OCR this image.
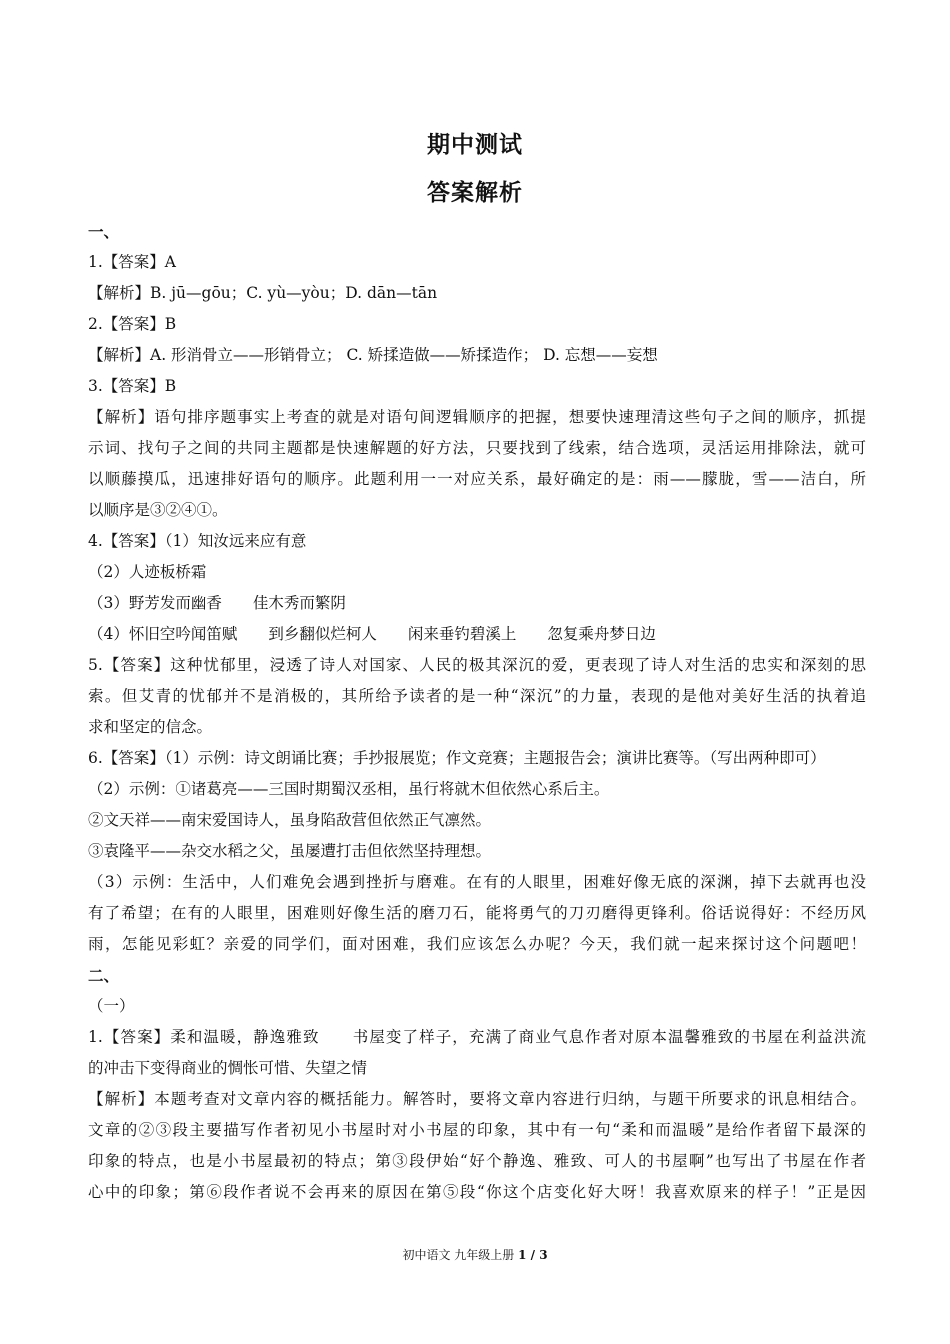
期中测试
答案解析
一、
1.【答案】A
【解析】B. jū—gōu；C. yù—yòu；D. dān—tān
2.【答案】B
【解析】A. 形消骨立——形销骨立； C. 矫揉造做——矫揉造作； D. 忘想——妄想
3.【答案】B
【解析】语句排序题事实上考查的就是对语句间逻辑顺序的把握，想要快速理清这些句子之间的顺序，抓提
示词、找句子之间的共同主题都是快速解题的好方法，只要找到了线索，结合选项，灵活运用排除法，就可
以顺藤摸瓜，迅速排好语句的顺序。此题利用一一对应关系，最好确定的是：雨——朦胧，雪——洁白，所
以顺序是③②④①。
4.【答案】（1）知汝远来应有意
（2）人迹板桥霜
（3）野芳发而幽香　　佳木秀而繁阴
（4）怀旧空吟闻笛赋　　到乡翻似烂柯人　　闲来垂钓碧溪上　　忽复乘舟梦日边
5.【答案】这种忧郁里，浸透了诗人对国家、人民的极其深沉的爱，更表现了诗人对生活的忠实和深刻的思
索。但艾青的忧郁并不是消极的，其所给予读者的是一种“深沉”的力量，表现的是他对美好生活的执着追
求和坚定的信念。
6.【答案】（1）示例：诗文朗诵比赛；手抄报展览；作文竞赛；主题报告会；演讲比赛等。（写出两种即可）
（2）示例：①诸葛亮——三国时期蜀汉丞相，虽行将就木但依然心系后主。
②文天祥——南宋爱国诗人，虽身陷敌营但依然正气凛然。
③袁隆平——杂交水稻之父，虽屡遭打击但依然坚持理想。
（3）示例：生活中，人们难免会遇到挫折与磨难。在有的人眼里，困难好像无底的深渊，掉下去就再也没
有了希望；在有的人眼里，困难则好像生活的磨刀石，能将勇气的刀刃磨得更锋利。俗话说得好：不经历风
雨，怎能见彩虹？亲爱的同学们，面对困难，我们应该怎么办呢？今天，我们就一起来探讨这个问题吧！
二、
（一）
1.【答案】柔和温暖，静逸雅致　　书屋变了样子，充满了商业气息作者对原本温馨雅致的书屋在利益洪流
的冲击下变得商业的惆怅可惜、失望之情
【解析】本题考查对文章内容的概括能力。解答时，要将文章内容进行归纳，与题干所要求的讯息相结合。
文章的②③段主要描写作者初见小书屋时对小书屋的印象，其中有一句“柔和而温暖”是给作者留下最深的
印象的特点，也是小书屋最初的特点；第③段伊始“好个静逸、雅致、可人的书屋啊”也写出了书屋在作者
心中的印象；第⑥段作者说不会再来的原因在第⑤段“你这个店变化好大呀！我喜欢原来的样子！”正是因
初中语文 九年级上册 1 / 3
